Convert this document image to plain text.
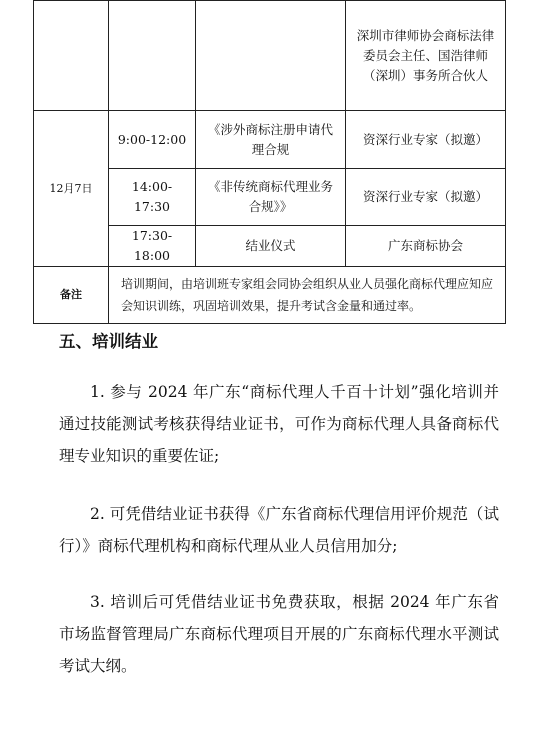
			深圳市律师协会商标法律委员会主任、国浩律师（深圳）事务所合伙人
12月7日	9:00-12:00	《涉外商标注册申请代理合规	资深行业专家（拟邀）
	14:00-17:30	《非传统商标代理业务合规》》	资深行业专家（拟邀）
	17:30-18:00	结业仪式	广东商标协会
备注	培训期间，由培训班专家组会同协会组织从业人员强化商标代理应知应会知识训练，巩固培训效果，提升考试含金量和通过率。		
五、培训结业

1. 参与 2024 年广东“商标代理人千百十计划”强化培训并通过技能测试考核获得结业证书，可作为商标代理人具备商标代理专业知识的重要佐证;

2. 可凭借结业证书获得《广东省商标代理信用评价规范（试行）》商标代理机构和商标代理从业人员信用加分;

3. 培训后可凭借结业证书免费获取，根据 2024 年广东省市场监督管理局广东商标代理项目开展的广东商标代理水平测试考试大纲。
